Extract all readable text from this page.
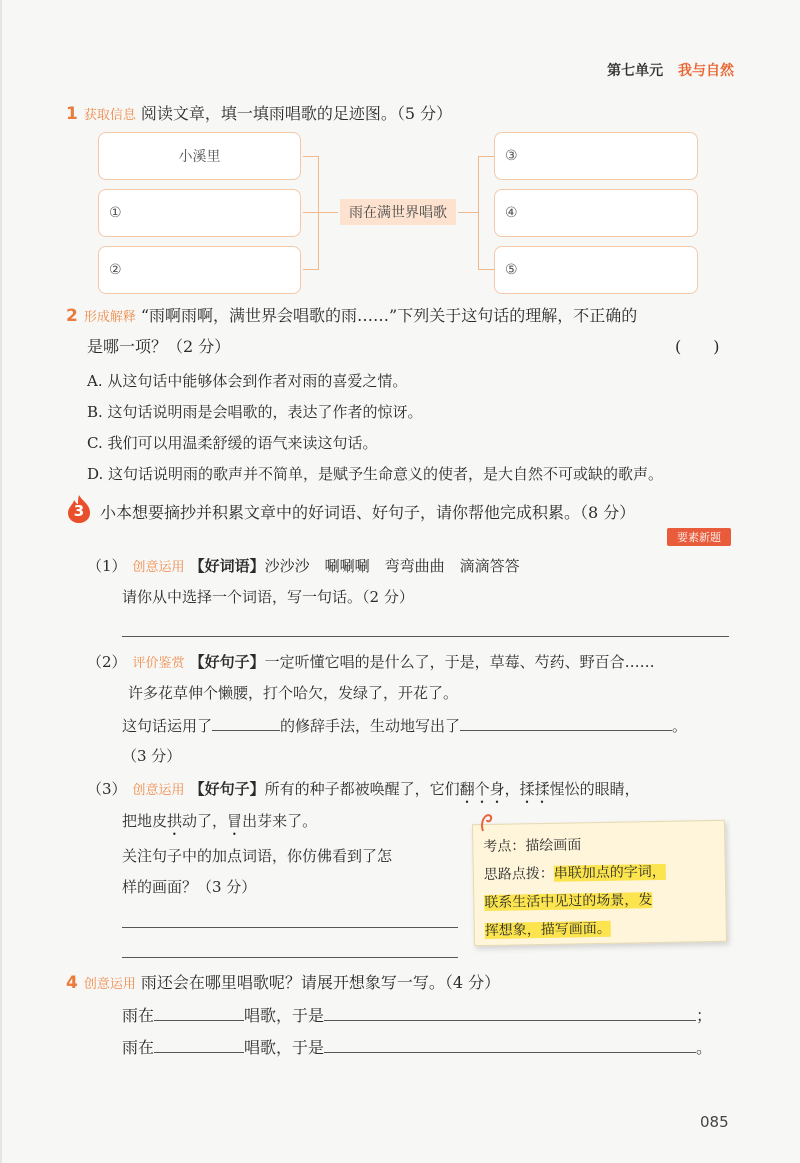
第七单元 我与自然
1 获取信息 阅读文章，填一填雨唱歌的足迹图。（5 分）
小溪里
①
②
③
④
⑤
雨在满世界唱歌
2 形成解释 “雨啊雨啊，满世界会唱歌的雨……”下列关于这句话的理解，不正确的
是哪一项？（2 分）	(　　)
A. 从这句话中能够体会到作者对雨的喜爱之情。
B. 这句话说明雨是会唱歌的，表达了作者的惊讶。
C. 我们可以用温柔舒缓的语气来读这句话。
D. 这句话说明雨的歌声并不简单，是赋予生命意义的使者，是大自然不可或缺的歌声。
3 小本想要摘抄并积累文章中的好词语、好句子，请你帮他完成积累。（8 分）
要素新题
（1） 创意运用 【好词语】沙沙沙　唰唰唰　弯弯曲曲　滴滴答答
请你从中选择一个词语，写一句话。（2 分）
（2） 评价鉴赏 【好句子】一定听懂它唱的是什么了，于是，草莓、芍药、野百合……
许多花草伸个懒腰，打个哈欠，发绿了，开花了。
这句话运用了	的修辞手法，生动地写出了	。
（3 分）
（3） 创意运用 【好句子】所有的种子都被唤醒了，它们翻个身，揉揉惺忪的眼睛，
把地皮拱动了，冒出芽来了。
关注句子中的加点词语，你仿佛看到了怎
样的画面？（3 分）
考点：描绘画面
思路点拨：串联加点的字词，
联系生活中见过的场景，发
挥想象，描写画面。
4 创意运用 雨还会在哪里唱歌呢？请展开想象写一写。（4 分）
雨在	唱歌，于是	；
雨在	唱歌，于是	。
085
